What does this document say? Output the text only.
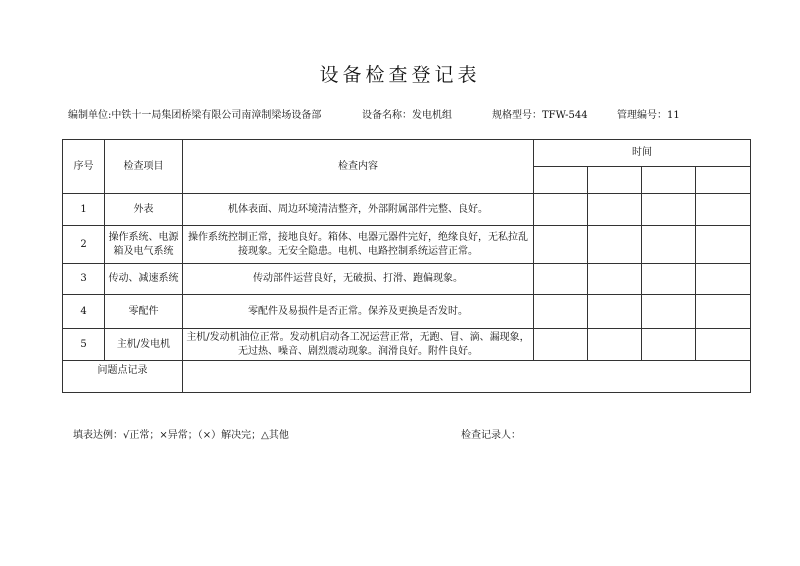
设备检查登记表
编制单位:中铁十一局集团桥梁有限公司南漳制梁场设备部	设备名称：发电机组	规格型号：TFW-544	管理编号：11
序号	检查项目	检查内容	时间			

1	外表	机体表面、周边环境清洁整齐，外部附属部件完整、良好。				
2	操作系统、电源箱及电气系统	操作系统控制正常，接地良好。箱体、电器元器件完好，绝缘良好，无私拉乱接现象。无安全隐患。电机、电路控制系统运营正常。				
3	传动、减速系统	传动部件运营良好，无破损、打滑、跑偏现象。				
4	零配件	零配件及易损件是否正常。保养及更换是否发时。				
5	主机/发电机	主机/发动机油位正常。发动机启动各工况运营正常，无跑、冒、滴、漏现象，无过热、噪音、剧烈震动现象。润滑良好。附件良好。				
问题点记录						
填表达例：√正常；×异常；（×）解决完；△其他	检查记录人：
